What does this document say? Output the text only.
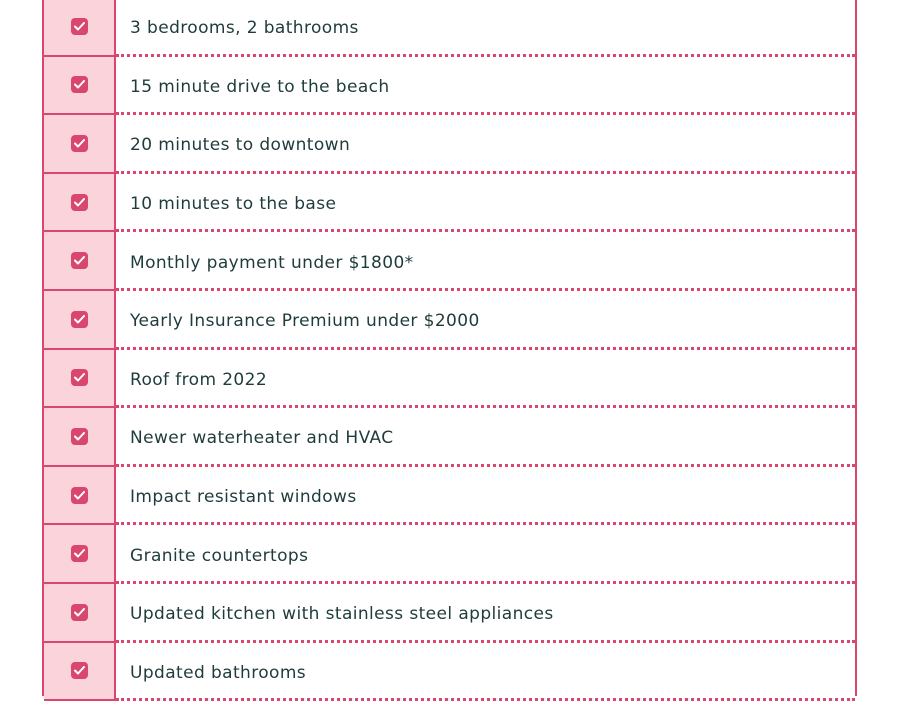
3 bedrooms, 2 bathrooms
15 minute drive to the beach
20 minutes to downtown
10 minutes to the base
Monthly payment under $1800*
Yearly Insurance Premium under $2000
Roof from 2022
Newer waterheater and HVAC
Impact resistant windows
Granite countertops
Updated kitchen with stainless steel appliances
Updated bathrooms
